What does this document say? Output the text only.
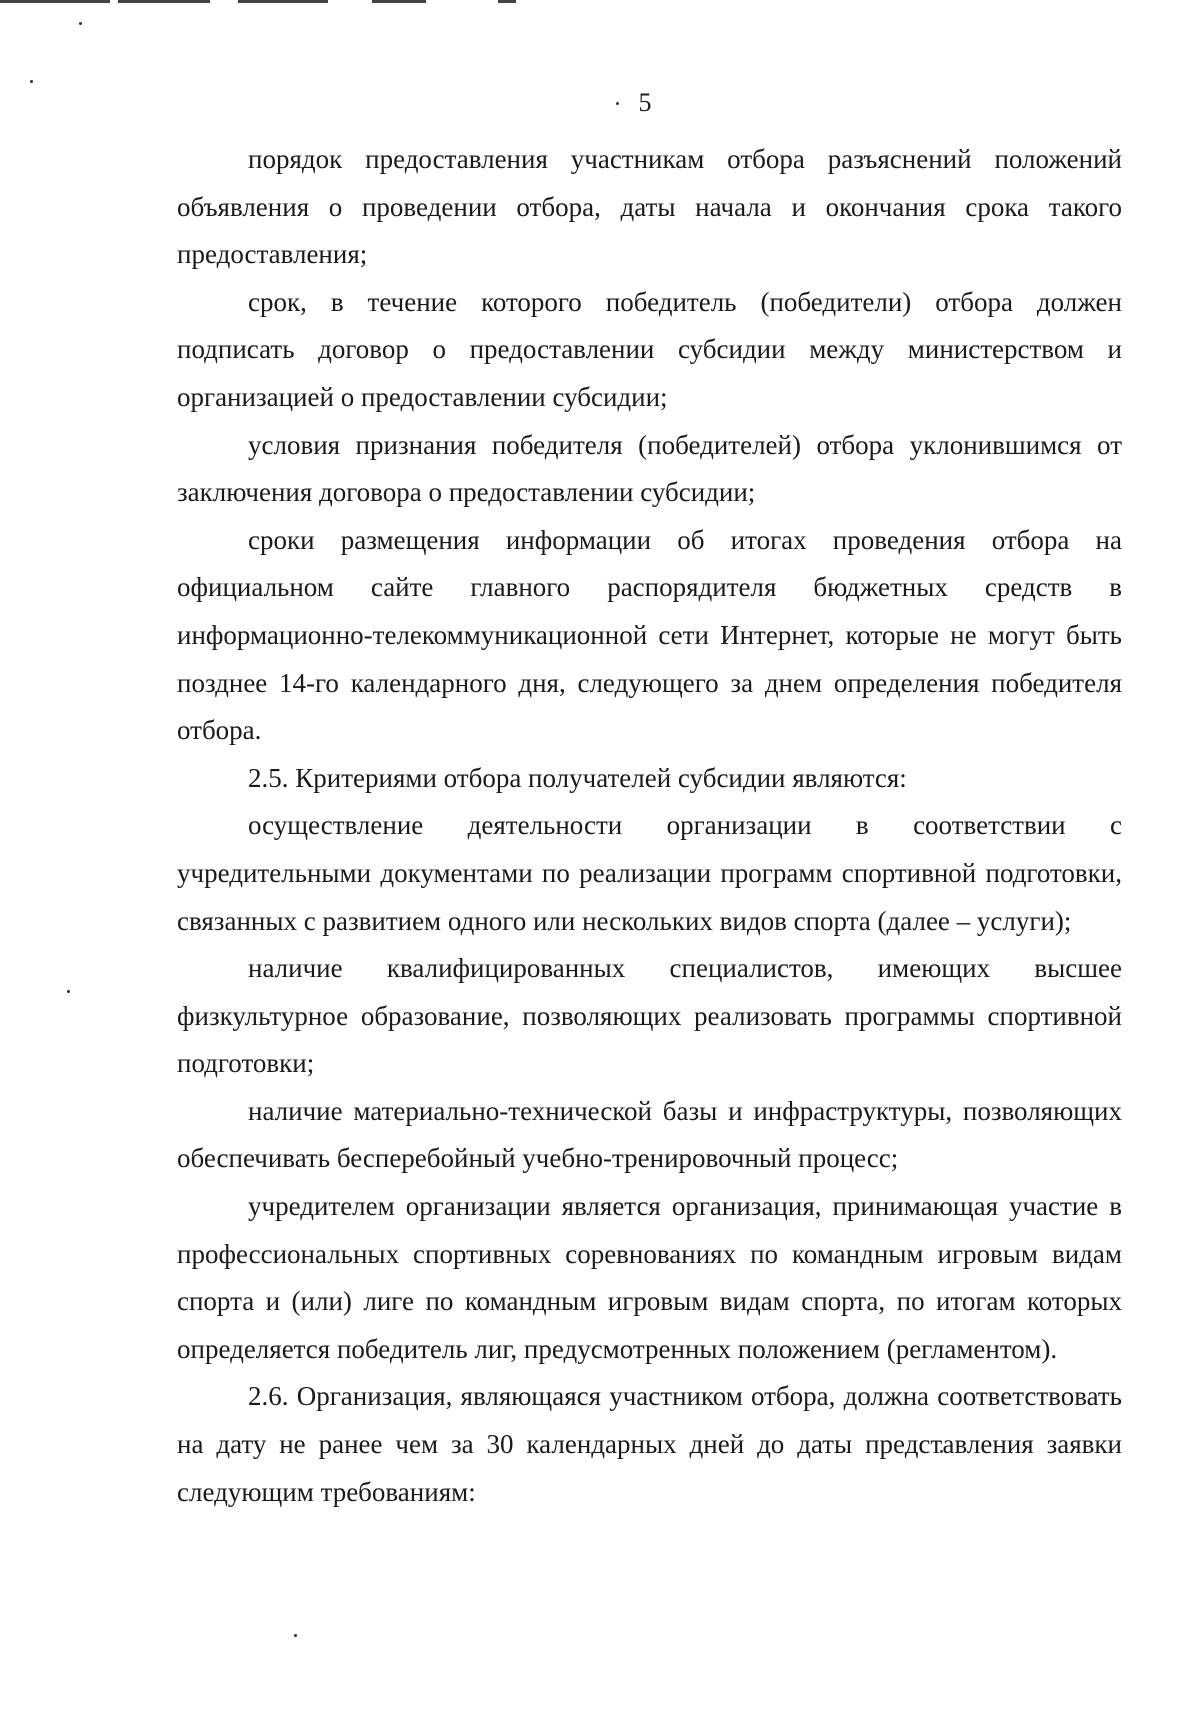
5

порядок предоставления участникам отбора разъяснений положений объявления о проведении отбора, даты начала и окончания срока такого предоставления;

срок, в течение которого победитель (победители) отбора должен подписать договор о предоставлении субсидии между министерством и организацией о предоставлении субсидии;

условия признания победителя (победителей) отбора уклонившимся от заключения договора о предоставлении субсидии;

сроки размещения информации об итогах проведения отбора на официальном сайте главного распорядителя бюджетных средств в информационно-телекоммуникационной сети Интернет, которые не могут быть позднее 14-го календарного дня, следующего за днем определения победителя отбора.

2.5. Критериями отбора получателей субсидии являются:

осуществление деятельности организации в соответствии с учредительными документами по реализации программ спортивной подготовки, связанных с развитием одного или нескольких видов спорта (далее – услуги);

наличие квалифицированных специалистов, имеющих высшее физкультурное образование, позволяющих реализовать программы спортивной подготовки;

наличие материально-технической базы и инфраструктуры, позволяющих обеспечивать бесперебойный учебно-тренировочный процесс;

учредителем организации является организация, принимающая участие в профессиональных спортивных соревнованиях по командным игровым видам спорта и (или) лиге по командным игровым видам спорта, по итогам которых определяется победитель лиг, предусмотренных положением (регламентом).

2.6. Организация, являющаяся участником отбора, должна соответствовать на дату не ранее чем за 30 календарных дней до даты представления заявки следующим требованиям:
